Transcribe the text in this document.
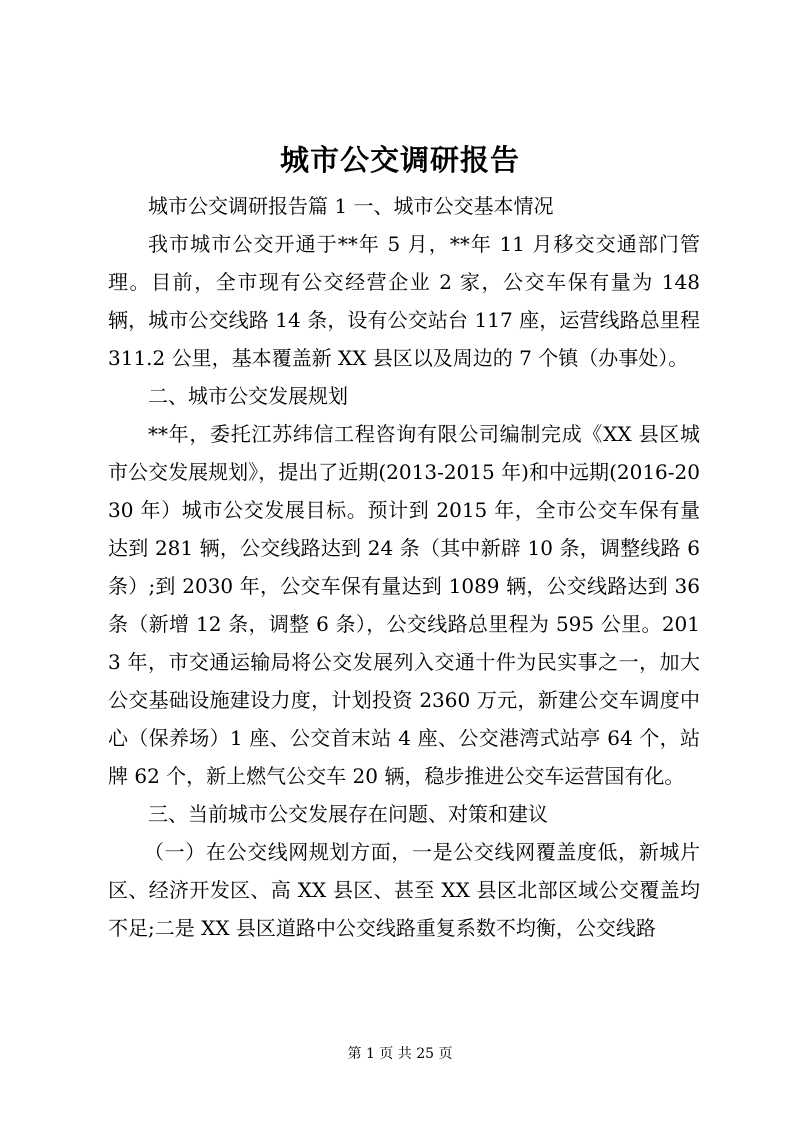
城市公交调研报告

城市公交调研报告篇 1 一、城市公交基本情况

我市城市公交开通于**年 5 月，**年 11 月移交交通部门管理。目前，全市现有公交经营企业 2 家，公交车保有量为 148 辆，城市公交线路 14 条，设有公交站台 117 座，运营线路总里程 311.2 公里，基本覆盖新 XX 县区以及周边的 7 个镇（办事处）。

二、城市公交发展规划

**年，委托江苏纬信工程咨询有限公司编制完成《XX 县区城市公交发展规划》，提出了近期(2013-2015 年)和中远期(2016-2030 年）城市公交发展目标。预计到 2015 年，全市公交车保有量达到 281 辆，公交线路达到 24 条（其中新辟 10 条，调整线路 6 条）;到 2030 年，公交车保有量达到 1089 辆，公交线路达到 36 条（新增 12 条，调整 6 条），公交线路总里程为 595 公里。2013 年，市交通运输局将公交发展列入交通十件为民实事之一，加大公交基础设施建设力度，计划投资 2360 万元，新建公交车调度中心（保养场）1 座、公交首末站 4 座、公交港湾式站亭 64 个，站牌 62 个，新上燃气公交车 20 辆，稳步推进公交车运营国有化。

三、当前城市公交发展存在问题、对策和建议

（一）在公交线网规划方面，一是公交线网覆盖度低，新城片区、经济开发区、高 XX 县区、甚至 XX 县区北部区域公交覆盖均不足;二是 XX 县区道路中公交线路重复系数不均衡，公交线路

第 1 页 共 25 页
